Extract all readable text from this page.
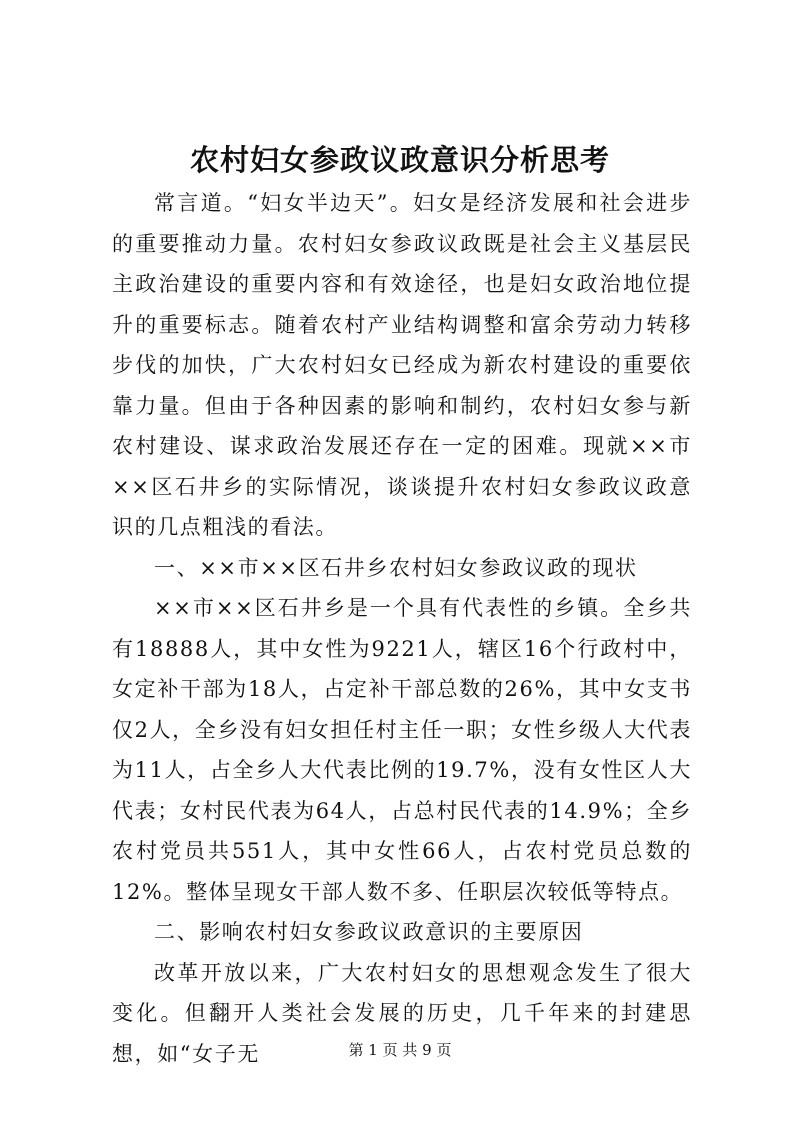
农村妇女参政议政意识分析思考

常言道。“妇女半边天”。妇女是经济发展和社会进步的重要推动力量。农村妇女参政议政既是社会主义基层民主政治建设的重要内容和有效途径，也是妇女政治地位提升的重要标志。随着农村产业结构调整和富余劳动力转移步伐的加快，广大农村妇女已经成为新农村建设的重要依靠力量。但由于各种因素的影响和制约，农村妇女参与新农村建设、谋求政治发展还存在一定的困难。现就××市××区石井乡的实际情况，谈谈提升农村妇女参政议政意识的几点粗浅的看法。

一、××市××区石井乡农村妇女参政议政的现状

××市××区石井乡是一个具有代表性的乡镇。全乡共有18888人，其中女性为9221人，辖区16个行政村中，女定补干部为18人，占定补干部总数的26%，其中女支书仅2人，全乡没有妇女担任村主任一职；女性乡级人大代表为11人，占全乡人大代表比例的19.7%，没有女性区人大代表；女村民代表为64人，占总村民代表的14.9%；全乡农村党员共551人，其中女性66人，占农村党员总数的12%。整体呈现女干部人数不多、任职层次较低等特点。

二、影响农村妇女参政议政意识的主要原因

改革开放以来，广大农村妇女的思想观念发生了很大变化。但翻开人类社会发展的历史，几千年来的封建思想，如“女子无	第 1 页 共 9 页
